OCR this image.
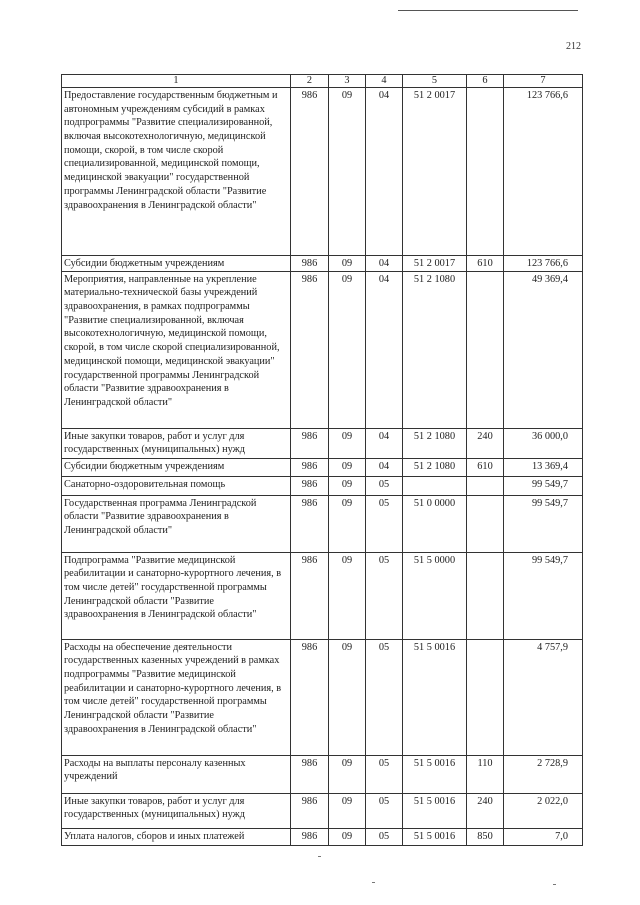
212
1	2	3	4	5	6	7
Предоставление государственным бюджетным и автономным учреждениям субсидий в рамках подпрограммы "Развитие специализированной, включая высокотехнологичную, медицинской помощи, скорой, в том числе скорой специализированной, медицинской помощи, медицинской эвакуации" государственной программы Ленинградской области "Развитие здравоохранения в Ленинградской области"	986	09	04	51 2 0017		123 766,6
Субсидии бюджетным учреждениям	986	09	04	51 2 0017	610	123 766,6
Мероприятия, направленные на укрепление материально-технической базы учреждений здравоохранения, в рамках подпрограммы "Развитие специализированной, включая высокотехнологичную, медицинской помощи, скорой, в том числе скорой специализированной, медицинской помощи, медицинской эвакуации" государственной программы Ленинградской области "Развитие здравоохранения в Ленинградской области"	986	09	04	51 2 1080		49 369,4
Иные закупки товаров, работ и услуг для государственных (муниципальных) нужд	986	09	04	51 2 1080	240	36 000,0
Субсидии бюджетным учреждениям	986	09	04	51 2 1080	610	13 369,4
Санаторно-оздоровительная помощь	986	09	05			99 549,7
Государственная программа Ленинградской области "Развитие здравоохранения в Ленинградской области"	986	09	05	51 0 0000		99 549,7
Подпрограмма "Развитие медицинской реабилитации и санаторно-курортного лечения, в том числе детей" государственной программы Ленинградской области "Развитие здравоохранения в Ленинградской области"	986	09	05	51 5 0000		99 549,7
Расходы на обеспечение деятельности государственных казенных учреждений в рамках подпрограммы "Развитие медицинской реабилитации и санаторно-курортного лечения, в том числе детей" государственной программы Ленинградской области "Развитие здравоохранения в Ленинградской области"	986	09	05	51 5 0016		4 757,9
Расходы на выплаты персоналу казенных учреждений	986	09	05	51 5 0016	110	2 728,9
Иные закупки товаров, работ и услуг для государственных (муниципальных) нужд	986	09	05	51 5 0016	240	2 022,0
Уплата налогов, сборов и иных платежей	986	09	05	51 5 0016	850	7,0
